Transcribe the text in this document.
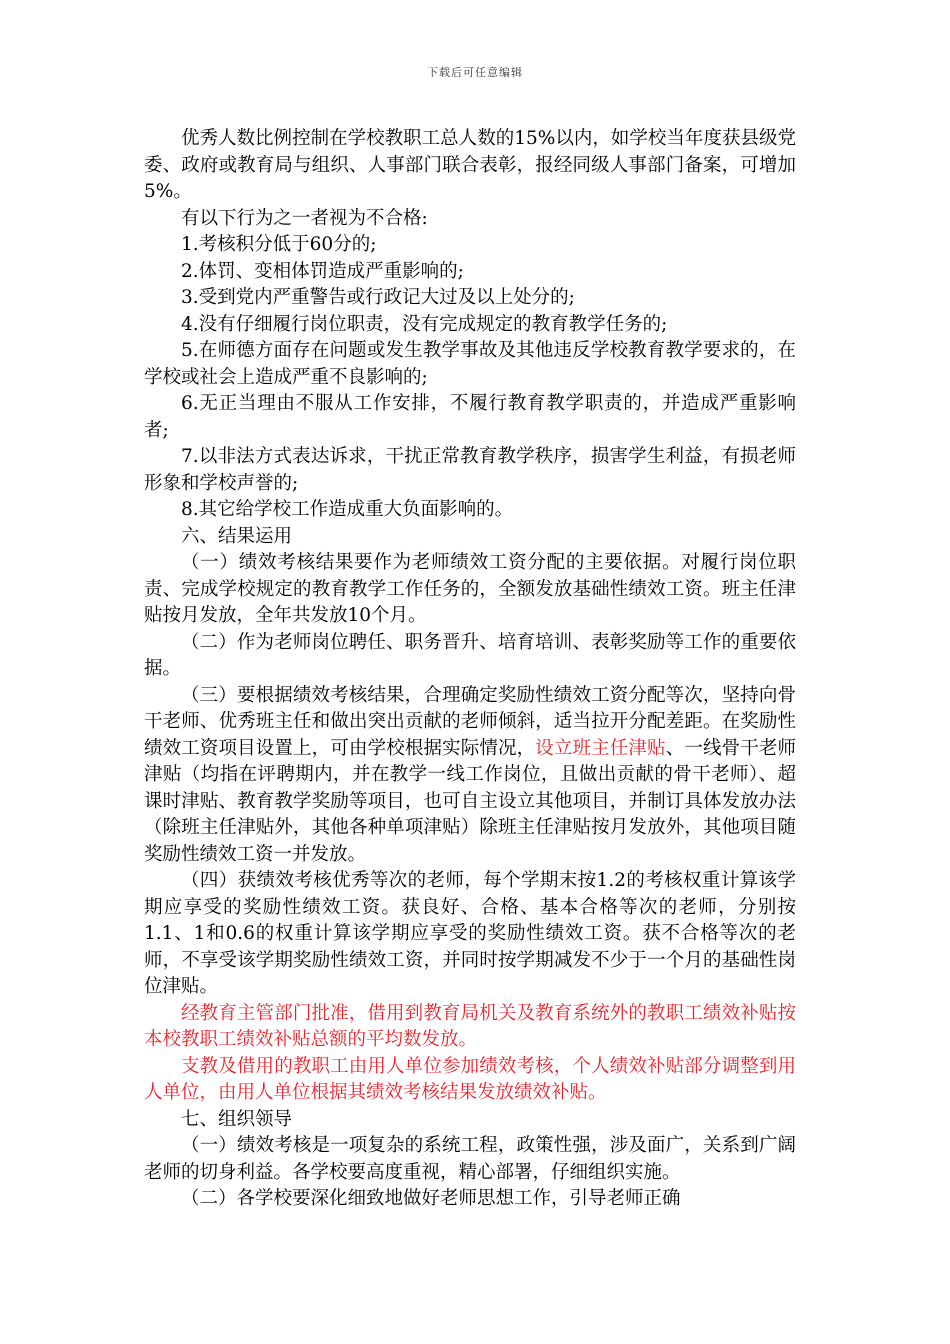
下载后可任意编辑

优秀人数比例控制在学校教职工总人数的15%以内，如学校当年度获县级党委、政府或教育局与组织、人事部门联合表彰，报经同级人事部门备案，可增加5%。

有以下行为之一者视为不合格:

1.考核积分低于60分的;

2.体罚、变相体罚造成严重影响的;

3.受到党内严重警告或行政记大过及以上处分的;

4.没有仔细履行岗位职责，没有完成规定的教育教学任务的;

5.在师德方面存在问题或发生教学事故及其他违反学校教育教学要求的，在学校或社会上造成严重不良影响的;

6.无正当理由不服从工作安排，不履行教育教学职责的，并造成严重影响者;

7.以非法方式表达诉求，干扰正常教育教学秩序，损害学生利益，有损老师形象和学校声誉的;

8.其它给学校工作造成重大负面影响的。

六、结果运用

（一）绩效考核结果要作为老师绩效工资分配的主要依据。对履行岗位职责、完成学校规定的教育教学工作任务的，全额发放基础性绩效工资。班主任津贴按月发放，全年共发放10个月。

（二）作为老师岗位聘任、职务晋升、培育培训、表彰奖励等工作的重要依据。

（三）要根据绩效考核结果，合理确定奖励性绩效工资分配等次，坚持向骨干老师、优秀班主任和做出突出贡献的老师倾斜，适当拉开分配差距。在奖励性绩效工资项目设置上，可由学校根据实际情况，设立班主任津贴、一线骨干老师津贴（均指在评聘期内，并在教学一线工作岗位，且做出贡献的骨干老师）、超课时津贴、教育教学奖励等项目，也可自主设立其他项目，并制订具体发放办法（除班主任津贴外，其他各种单项津贴）除班主任津贴按月发放外，其他项目随奖励性绩效工资一并发放。

（四）获绩效考核优秀等次的老师，每个学期末按1.2的考核权重计算该学期应享受的奖励性绩效工资。获良好、合格、基本合格等次的老师，分别按1.1、1和0.6的权重计算该学期应享受的奖励性绩效工资。获不合格等次的老师，不享受该学期奖励性绩效工资，并同时按学期减发不少于一个月的基础性岗位津贴。

经教育主管部门批准，借用到教育局机关及教育系统外的教职工绩效补贴按本校教职工绩效补贴总额的平均数发放。

支教及借用的教职工由用人单位参加绩效考核，个人绩效补贴部分调整到用人单位，由用人单位根据其绩效考核结果发放绩效补贴。

七、组织领导

（一）绩效考核是一项复杂的系统工程，政策性强，涉及面广，关系到广阔老师的切身利益。各学校要高度重视，精心部署，仔细组织实施。

（二）各学校要深化细致地做好老师思想工作，引导老师正确
